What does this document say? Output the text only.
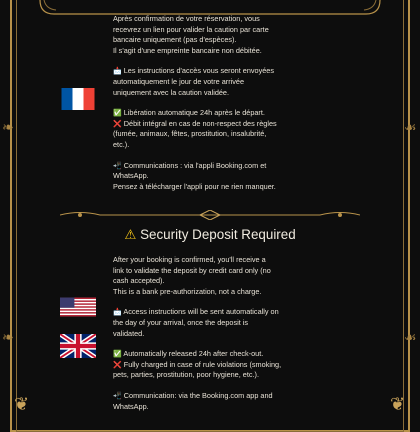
❦	❦
❧	☙
❧	☙
Après confirmation de votre réservation, vous
recevrez un lien pour valider la caution par carte
bancaire uniquement (pas d'espèces).
Il s'agit d'une empreinte bancaire non débitée.
📩 Les instructions d'accès vous seront envoyées
automatiquement le jour de votre arrivée
uniquement avec la caution validée.
✅ Libération automatique 24h après le départ.
❌ Débit intégral en cas de non-respect des règles
(fumée, animaux, fêtes, prostitution, insalubrité,
etc.).
📲 Communications : via l'appli Booking.com et
WhatsApp.
Pensez à télécharger l'appli pour ne rien manquer.
⚠ Security Deposit Required
After your booking is confirmed, you'll receive a
link to validate the deposit by credit card only (no
cash accepted).
This is a bank pre-authorization, not a charge.
📩 Access instructions will be sent automatically on
the day of your arrival, once the deposit is
validated.
✅ Automatically released 24h after check-out.
❌ Fully charged in case of rule violations (smoking,
pets, parties, prostitution, poor hygiene, etc.).
📲 Communication: via the Booking.com app and
WhatsApp.
